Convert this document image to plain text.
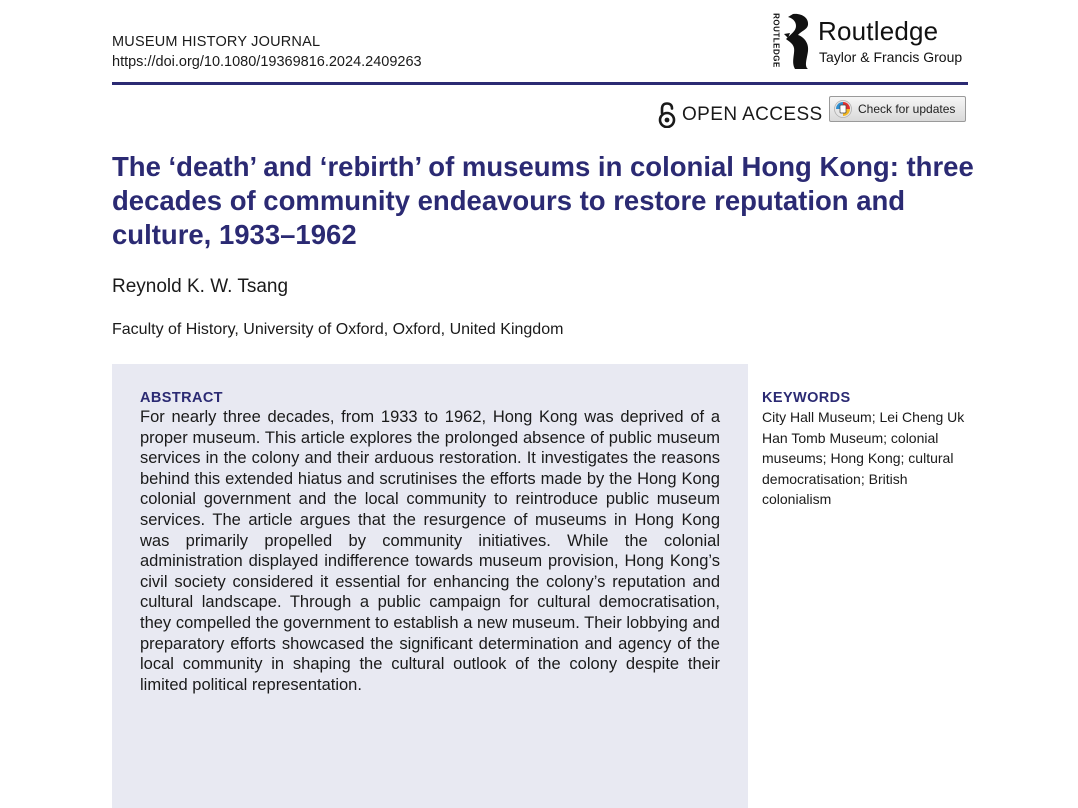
MUSEUM HISTORY JOURNAL
https://doi.org/10.1080/19369816.2024.2409263	ROUTLEDGE Routledge
Taylor & Francis Group
OPEN ACCESS	Check for updates
The ‘death’ and ‘rebirth’ of museums in colonial Hong Kong: three decades of community endeavours to restore reputation and culture, 1933–1962
Reynold K. W. Tsang
Faculty of History, University of Oxford, Oxford, United Kingdom

ABSTRACT

For nearly three decades, from 1933 to 1962, Hong Kong was deprived of a proper museum. This article explores the prolonged absence of public museum services in the colony and their arduous restoration. It investigates the reasons behind this extended hiatus and scrutinises the efforts made by the Hong Kong colonial government and the local community to reintroduce public museum services. The article argues that the resurgence of museums in Hong Kong was primarily propelled by community initiatives. While the colonial administration displayed indifference towards museum provision, Hong Kong’s civil society considered it essential for enhancing the colony’s reputation and cultural landscape. Through a public campaign for cultural democratisation, they compelled the government to establish a new museum. Their lobbying and preparatory efforts showcased the significant determination and agency of the local community in shaping the cultural outlook of the colony despite their limited political representation.

KEYWORDS

City Hall Museum; Lei Cheng Uk Han Tomb Museum; colonial museums; Hong Kong; cultural democratisation; British colonialism
